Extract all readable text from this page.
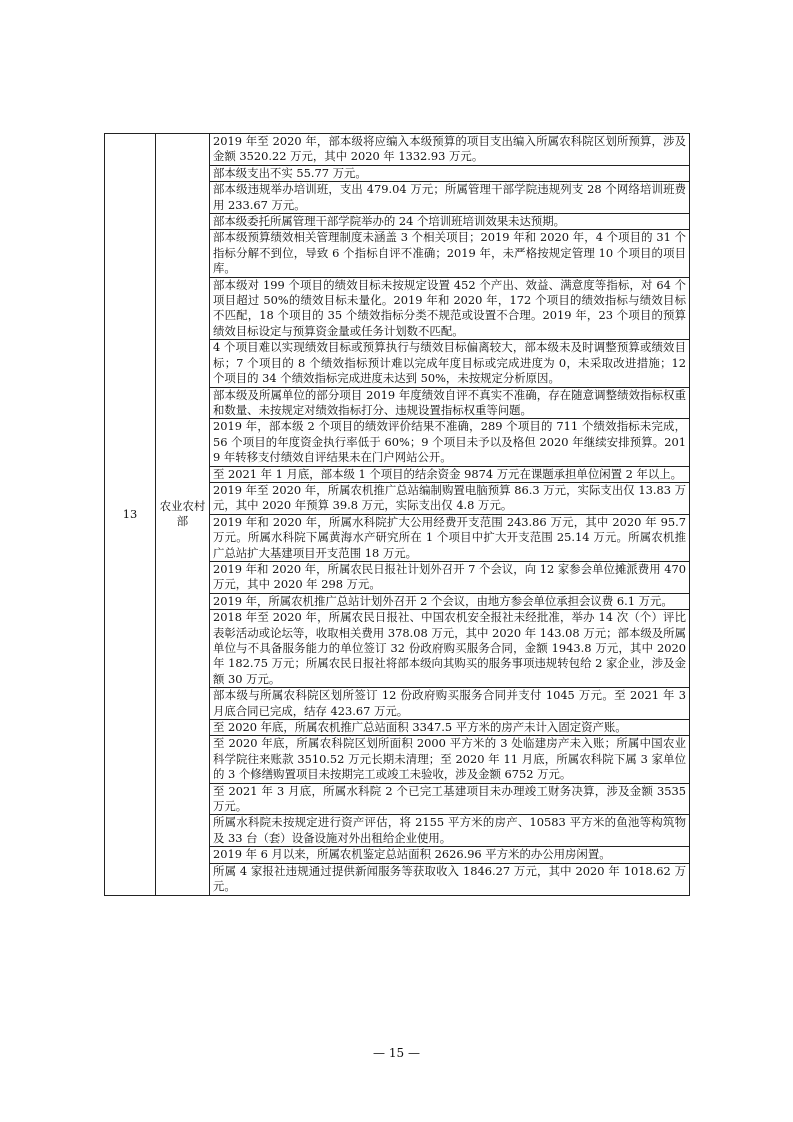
13	农业农村部	2019 年至 2020 年，部本级将应编入本级预算的项目支出编入所属农科院区划所预算，涉及金额 3520.22 万元，其中 2020 年 1332.93 万元。
部本级支出不实 55.77 万元。
部本级违规举办培训班，支出 479.04 万元；所属管理干部学院违规列支 28 个网络培训班费用 233.67 万元。
部本级委托所属管理干部学院举办的 24 个培训班培训效果未达预期。
部本级预算绩效相关管理制度未涵盖 3 个相关项目；2019 年和 2020 年，4 个项目的 31 个指标分解不到位，导致 6 个指标自评不准确；2019 年，未严格按规定管理 10 个项目的项目库。
部本级对 199 个项目的绩效目标未按规定设置 452 个产出、效益、满意度等指标，对 64 个项目超过 50%的绩效目标未量化。2019 年和 2020 年，172 个项目的绩效指标与绩效目标不匹配，18 个项目的 35 个绩效指标分类不规范或设置不合理。2019 年，23 个项目的预算绩效目标设定与预算资金量或任务计划数不匹配。
4 个项目难以实现绩效目标或预算执行与绩效目标偏离较大，部本级未及时调整预算或绩效目标；7 个项目的 8 个绩效指标预计难以完成年度目标或完成进度为 0，未采取改进措施；12 个项目的 34 个绩效指标完成进度未达到 50%，未按规定分析原因。
部本级及所属单位的部分项目 2019 年度绩效自评不真实不准确，存在随意调整绩效指标权重和数量、未按规定对绩效指标打分、违规设置指标权重等问题。
2019 年，部本级 2 个项目的绩效评价结果不准确，289 个项目的 711 个绩效指标未完成，56 个项目的年度资金执行率低于 60%；9 个项目未予以及格但 2020 年继续安排预算。2019 年转移支付绩效自评结果未在门户网站公开。
至 2021 年 1 月底，部本级 1 个项目的结余资金 9874 万元在课题承担单位闲置 2 年以上。
2019 年至 2020 年，所属农机推广总站编制购置电脑预算 86.3 万元，实际支出仅 13.83 万元，其中 2020 年预算 39.8 万元，实际支出仅 4.8 万元。
2019 年和 2020 年，所属水科院扩大公用经费开支范围 243.86 万元，其中 2020 年 95.7 万元。所属水科院下属黄海水产研究所在 1 个项目中扩大开支范围 25.14 万元。所属农机推广总站扩大基建项目开支范围 18 万元。
2019 年和 2020 年，所属农民日报社计划外召开 7 个会议，向 12 家参会单位摊派费用 470 万元，其中 2020 年 298 万元。
2019 年，所属农机推广总站计划外召开 2 个会议，由地方参会单位承担会议费 6.1 万元。
2018 年至 2020 年，所属农民日报社、中国农机安全报社未经批准，举办 14 次（个）评比表彰活动或论坛等，收取相关费用 378.08 万元，其中 2020 年 143.08 万元；部本级及所属单位与不具备服务能力的单位签订 32 份政府购买服务合同，金额 1943.8 万元，其中 2020 年 182.75 万元；所属农民日报社将部本级向其购买的服务事项违规转包给 2 家企业，涉及金额 30 万元。
部本级与所属农科院区划所签订 12 份政府购买服务合同并支付 1045 万元。至 2021 年 3 月底合同已完成，结存 423.67 万元。
至 2020 年底，所属农机推广总站面积 3347.5 平方米的房产未计入固定资产账。
至 2020 年底，所属农科院区划所面积 2000 平方米的 3 处临建房产未入账；所属中国农业科学院往来账款 3510.52 万元长期未清理；至 2020 年 11 月底，所属农科院下属 3 家单位的 3 个修缮购置项目未按期完工或竣工未验收，涉及金额 6752 万元。
至 2021 年 3 月底，所属水科院 2 个已完工基建项目未办理竣工财务决算，涉及金额 3535 万元。
所属水科院未按规定进行资产评估，将 2155 平方米的房产、10583 平方米的鱼池等构筑物及 33 台（套）设备设施对外出租给企业使用。
2019 年 6 月以来，所属农机鉴定总站面积 2626.96 平方米的办公用房闲置。
所属 4 家报社违规通过提供新闻服务等获取收入 1846.27 万元，其中 2020 年 1018.62 万元。
— 15 —
